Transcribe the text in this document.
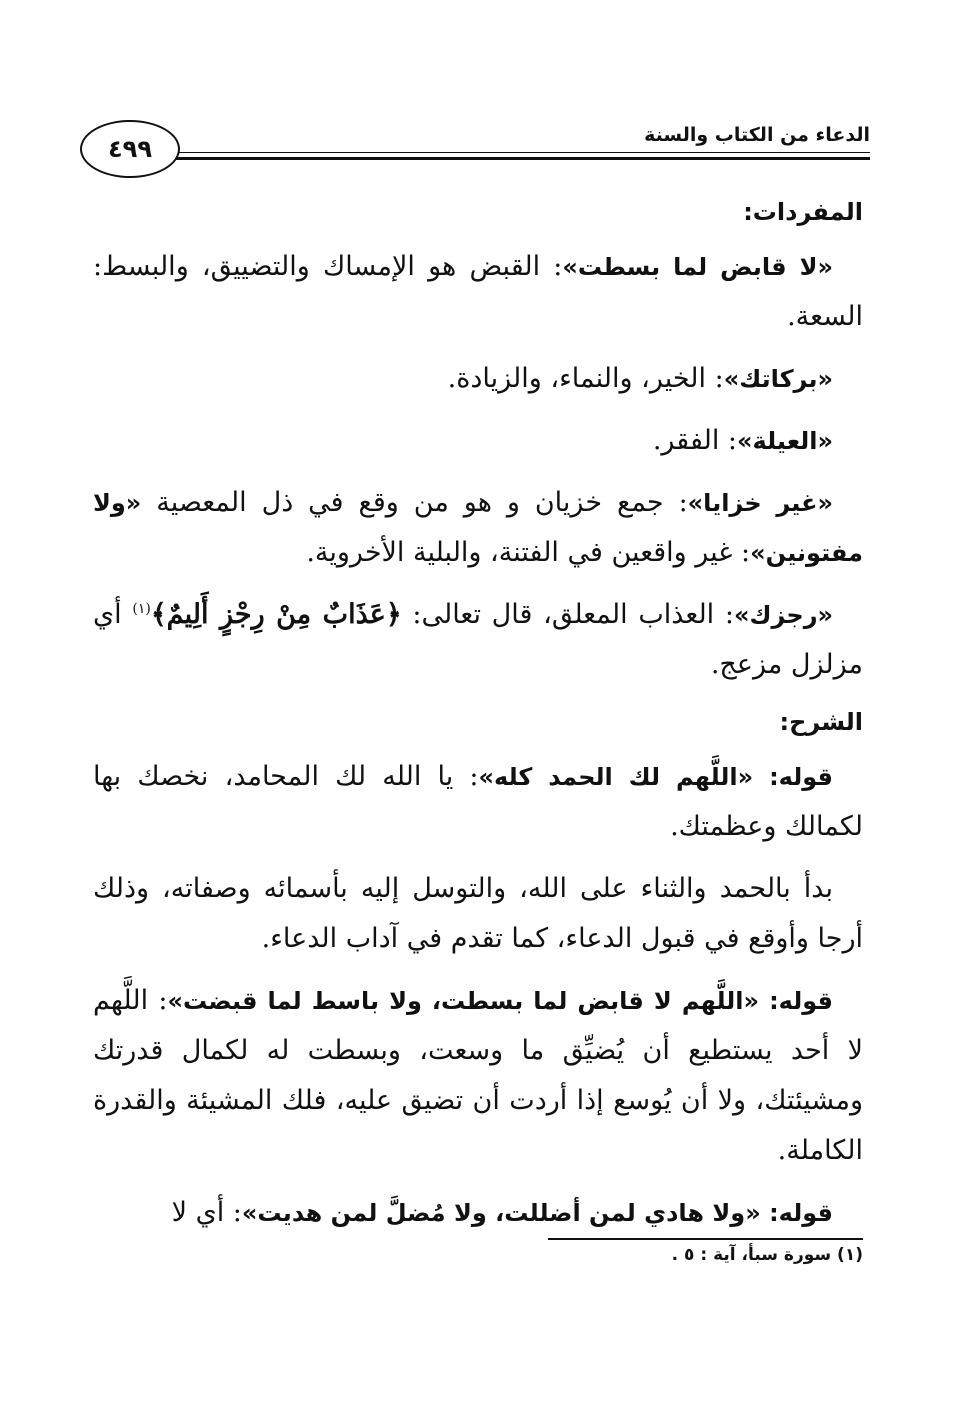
الدعاء من الكتاب والسنة
٤٩٩
المفردات:

«لا قابض لما بسطت»: القبض هو الإمساك والتضييق، والبسط: السعة.

«بركاتك»: الخير، والنماء، والزيادة.

«العيلة»: الفقر.

«غير خزايا»: جمع خزيان و هو من وقع في ذل المعصية «ولا مفتونين»: غير واقعين في الفتنة، والبلية الأخروية.

«رجزك»: العذاب المعلق، قال تعالى: ﴿عَذَابٌ مِنْ رِجْزٍ أَلِيمٌ﴾$^{(١)}$ أي مزلزل مزعج.

الشرح:

قوله: «اللَّهم لك الحمد كله»: يا الله لك المحامد، نخصك بها لكمالك وعظمتك.

بدأ بالحمد والثناء على الله، والتوسل إليه بأسمائه وصفاته، وذلك أرجا وأوقع في قبول الدعاء، كما تقدم في آداب الدعاء.

قوله: «اللَّهم لا قابض لما بسطت، ولا باسط لما قبضت»: اللَّهم لا أحد يستطيع أن يُضيِّق ما وسعت، وبسطت له لكمال قدرتك ومشيئتك، ولا أن يُوسع إذا أردت أن تضيق عليه، فلك المشيئة والقدرة الكاملة.

قوله: «ولا هادي لمن أضللت، ولا مُضلَّ لمن هديت»: أي لا

(١) سورة سبأ، آية : ٥ .
